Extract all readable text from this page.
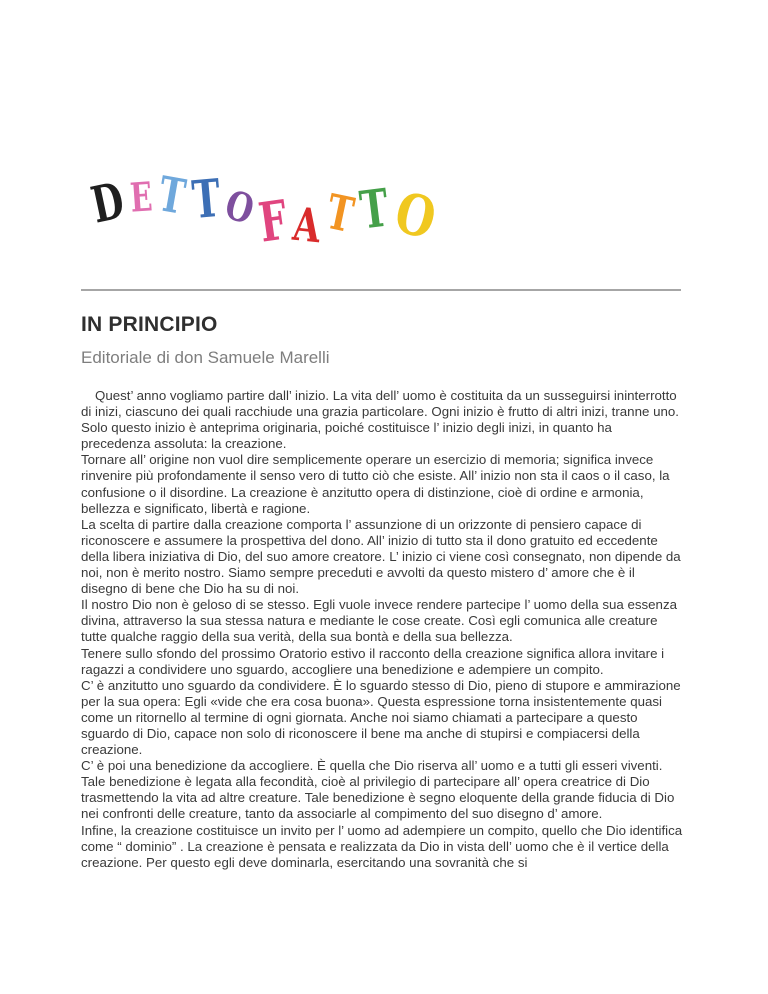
DETTOFATTO
IN PRINCIPIO
Editoriale di don Samuele Marelli

Quest’ anno vogliamo partire dall’ inizio. La vita dell’ uomo è costituita da un susseguirsi ininterrotto di inizi, ciascuno dei quali racchiude una grazia particolare. Ogni inizio è frutto di altri inizi, tranne uno. Solo questo inizio è anteprima originaria, poiché costituisce l’ inizio degli inizi, in quanto ha precedenza assoluta: la creazione.

Tornare all’ origine non vuol dire semplicemente operare un esercizio di memoria; significa invece rinvenire più profondamente il senso vero di tutto ciò che esiste. All’ inizio non sta il caos o il caso, la confusione o il disordine. La creazione è anzitutto opera di distinzione, cioè di ordine e armonia, bellezza e significato, libertà e ragione.

La scelta di partire dalla creazione comporta l’ assunzione di un orizzonte di pensiero capace di riconoscere e assumere la prospettiva del dono. All’ inizio di tutto sta il dono gratuito ed eccedente della libera iniziativa di Dio, del suo amore creatore. L’ inizio ci viene così consegnato, non dipende da noi, non è merito nostro. Siamo sempre preceduti e avvolti da questo mistero d’ amore che è il disegno di bene che Dio ha su di noi.

Il nostro Dio non è geloso di se stesso. Egli vuole invece rendere partecipe l’ uomo della sua essenza divina, attraverso la sua stessa natura e mediante le cose create. Così egli comunica alle creature tutte qualche raggio della sua verità, della sua bontà e della sua bellezza.

Tenere sullo sfondo del prossimo Oratorio estivo il racconto della creazione significa allora invitare i ragazzi a condividere uno sguardo, accogliere una benedizione e adempiere un compito.

C’ è anzitutto uno sguardo da condividere. È lo sguardo stesso di Dio, pieno di stupore e ammirazione per la sua opera: Egli «vide che era cosa buona». Questa espressione torna insistentemente quasi come un ritornello al termine di ogni giornata. Anche noi siamo chiamati a partecipare a questo sguardo di Dio, capace non solo di riconoscere il bene ma anche di stupirsi e compiacersi della creazione.

C’ è poi una benedizione da accogliere. È quella che Dio riserva all’ uomo e a tutti gli esseri viventi. Tale benedizione è legata alla fecondità, cioè al privilegio di partecipare all’ opera creatrice di Dio trasmettendo la vita ad altre creature. Tale benedizione è segno eloquente della grande fiducia di Dio nei confronti delle creature, tanto da associarle al compimento del suo disegno d’ amore.

Infine, la creazione costituisce un invito per l’ uomo ad adempiere un compito, quello che Dio identifica come “ dominio” . La creazione è pensata e realizzata da Dio in vista dell’ uomo che è il vertice della creazione. Per questo egli deve dominarla, esercitando una sovranità che si
